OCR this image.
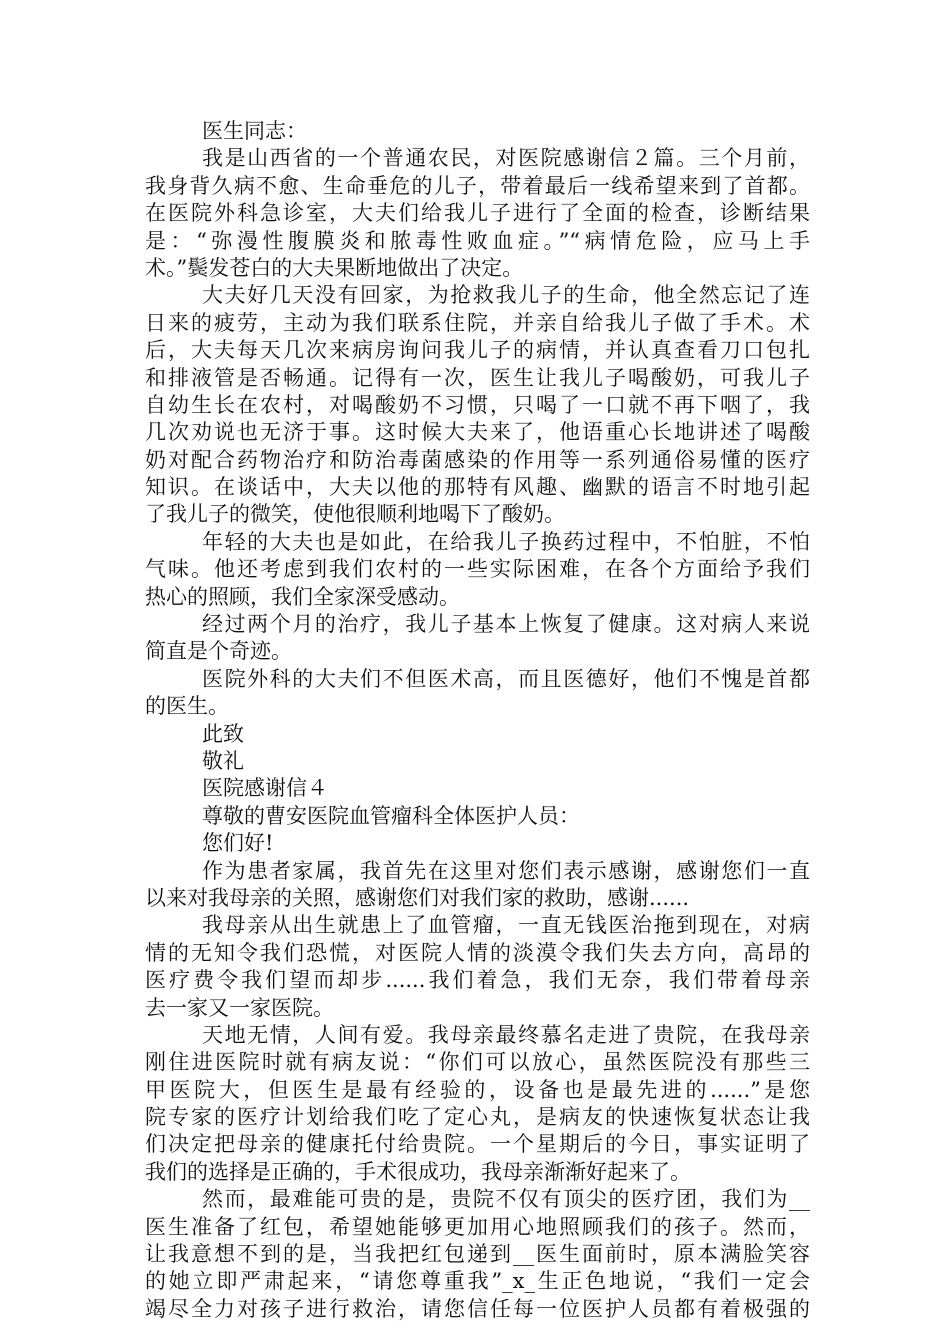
医生同志：
我是山西省的一个普通农民，对医院感谢信２篇。三个月前，
我身背久病不愈、生命垂危的儿子，带着最后一线希望来到了首都。
在医院外科急诊室，大夫们给我儿子进行了全面的检查，诊断结果
是：“弥漫性腹膜炎和脓毒性败血症。”“病情危险，应马上手
术。”鬓发苍白的大夫果断地做出了决定。
大夫好几天没有回家，为抢救我儿子的生命，他全然忘记了连
日来的疲劳，主动为我们联系住院，并亲自给我儿子做了手术。术
后，大夫每天几次来病房询问我儿子的病情，并认真查看刀口包扎
和排液管是否畅通。记得有一次，医生让我儿子喝酸奶，可我儿子
自幼生长在农村，对喝酸奶不习惯，只喝了一口就不再下咽了，我
几次劝说也无济于事。这时候大夫来了，他语重心长地讲述了喝酸
奶对配合药物治疗和防治毒菌感染的作用等一系列通俗易懂的医疗
知识。在谈话中，大夫以他的那特有风趣、幽默的语言不时地引起
了我儿子的微笑，使他很顺利地喝下了酸奶。
年轻的大夫也是如此，在给我儿子换药过程中，不怕脏，不怕
气味。他还考虑到我们农村的一些实际困难，在各个方面给予我们
热心的照顾，我们全家深受感动。
经过两个月的治疗，我儿子基本上恢复了健康。这对病人来说
简直是个奇迹。
医院外科的大夫们不但医术高，而且医德好，他们不愧是首都
的医生。
此致
敬礼
医院感谢信４
尊敬的曹安医院血管瘤科全体医护人员：
您们好!
作为患者家属，我首先在这里对您们表示感谢，感谢您们一直
以来对我母亲的关照，感谢您们对我们家的救助，感谢......
我母亲从出生就患上了血管瘤，一直无钱医治拖到现在，对病
情的无知令我们恐慌，对医院人情的淡漠令我们失去方向，高昂的
医疗费令我们望而却步......我们着急，我们无奈，我们带着母亲
去一家又一家医院。
天地无情，人间有爱。我母亲最终慕名走进了贵院，在我母亲
刚住进医院时就有病友说：“你们可以放心，虽然医院没有那些三
甲医院大，但医生是最有经验的，设备也是最先进的......”是您
院专家的医疗计划给我们吃了定心丸，是病友的快速恢复状态让我
们决定把母亲的健康托付给贵院。一个星期后的今日，事实证明了
我们的选择是正确的，手术很成功，我母亲渐渐好起来了。
然而，最难能可贵的是，贵院不仅有顶尖的医疗团，我们为__
医生准备了红包，希望她能够更加用心地照顾我们的孩子。然而，
让我意想不到的是，当我把红包递到__医生面前时，原本满脸笑容
的她立即严肃起来，“请您尊重我”_x_生正色地说，“我们一定会
竭尽全力对孩子进行救治，请您信任每一位医护人员都有着极强的
